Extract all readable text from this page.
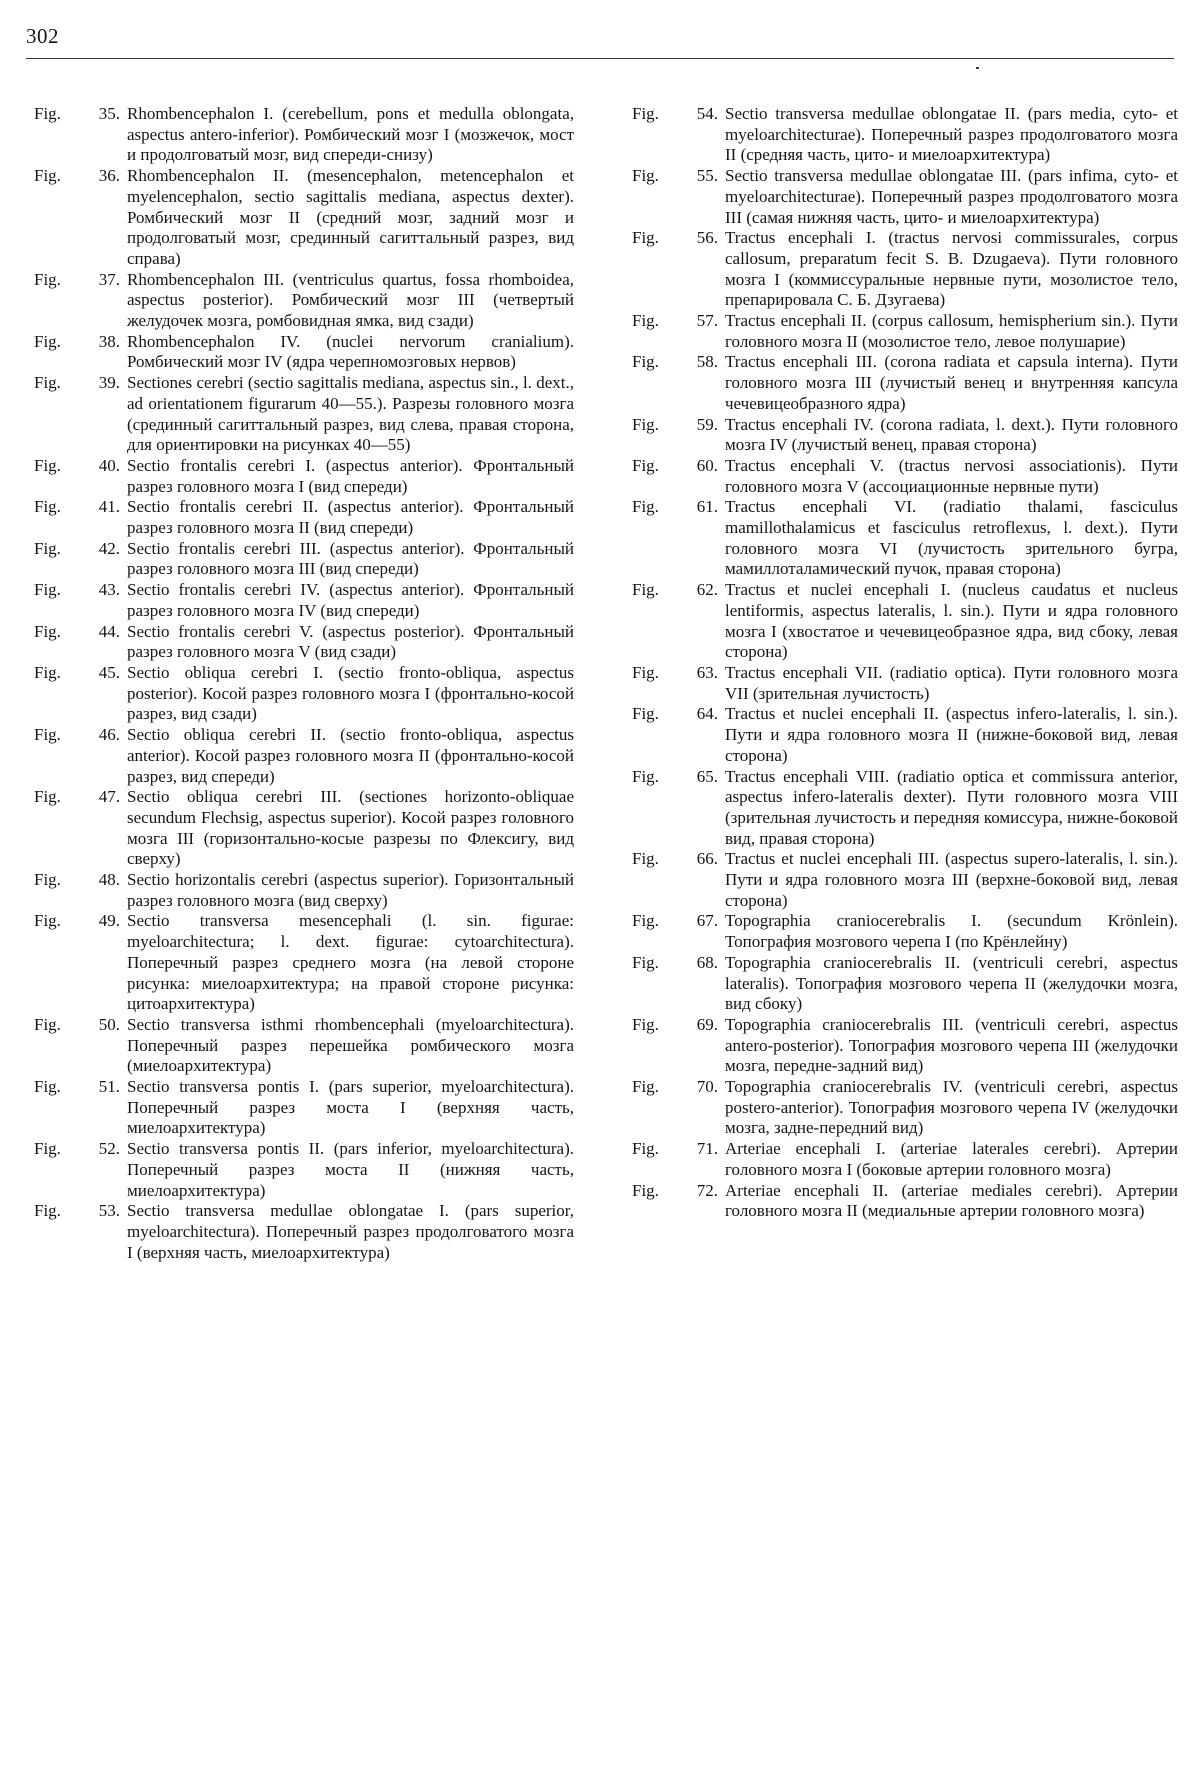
302
Fig.	35. Rhombencephalon I. (cerebellum, pons et medulla oblongata, aspectus antero-inferior). Ромбический мозг I (мозжечок, мост и продолговатый мозг, вид спереди-снизу)
Fig.	36. Rhombencephalon II. (mesencephalon, metencephalon et myelencephalon, sectio sagittalis mediana, aspectus dexter). Ромбический мозг II (средний мозг, задний мозг и продолговатый мозг, срединный сагиттальный разрез, вид справа)
Fig.	37. Rhombencephalon III. (ventriculus quartus, fossa rhomboidea, aspectus posterior). Ромбический мозг III (четвертый желудочек мозга, ромбовидная ямка, вид сзади)
Fig.	38. Rhombencephalon IV. (nuclei nervorum cranialium). Ромбический мозг IV (ядра черепномозговых нервов)
Fig.	39. Sectiones cerebri (sectio sagittalis mediana, aspectus sin., l. dext., ad orientationem figurarum 40—55.). Разрезы головного мозга (срединный сагиттальный разрез, вид слева, правая сторона, для ориентировки на рисунках 40—55)
Fig.	40. Sectio frontalis cerebri I. (aspectus anterior). Фронтальный разрез головного мозга I (вид спереди)
Fig.	41. Sectio frontalis cerebri II. (aspectus anterior). Фронтальный разрез головного мозга II (вид спереди)
Fig.	42. Sectio frontalis cerebri III. (aspectus anterior). Фронтальный разрез головного мозга III (вид спереди)
Fig.	43. Sectio frontalis cerebri IV. (aspectus anterior). Фронтальный разрез головного мозга IV (вид спереди)
Fig.	44. Sectio frontalis cerebri V. (aspectus posterior). Фронтальный разрез головного мозга V (вид сзади)
Fig.	45. Sectio obliqua cerebri I. (sectio fronto-obliqua, aspectus posterior). Косой разрез головного мозга I (фронтально-косой разрез, вид сзади)
Fig.	46. Sectio obliqua cerebri II. (sectio fronto-obliqua, aspectus anterior). Косой разрез головного мозга II (фронтально-косой разрез, вид спереди)
Fig.	47. Sectio obliqua cerebri III. (sectiones horizonto-obliquae secundum Flechsig, aspectus superior). Косой разрез головного мозга III (горизонтально-косые разрезы по Флексигу, вид сверху)
Fig.	48. Sectio horizontalis cerebri (aspectus superior). Горизонтальный разрез головного мозга (вид сверху)
Fig.	49. Sectio transversa mesencephali (l. sin. figurae: myeloarchitectura; l. dext. figurae: cytoarchitectura). Поперечный разрез среднего мозга (на левой стороне рисунка: миелоархитектура; на правой стороне рисунка: цитоархитектура)
Fig.	50. Sectio transversa isthmi rhombencephali (myeloarchitectura). Поперечный разрез перешейка ромбического мозга (миелоархитектура)
Fig.	51. Sectio transversa pontis I. (pars superior, myeloarchitectura). Поперечный разрез моста I (верхняя часть, миелоархитектура)
Fig.	52. Sectio transversa pontis II. (pars inferior, myeloarchitectura). Поперечный разрез моста II (нижняя часть, миелоархитектура)
Fig.	53. Sectio transversa medullae oblongatae I. (pars superior, myeloarchitectura). Поперечный разрез продолговатого мозга I (верхняя часть, миелоархитектура)
Fig.	54. Sectio transversa medullae oblongatae II. (pars media, cyto- et myeloarchitecturae). Поперечный разрез продолговатого мозга II (средняя часть, цито- и миелоархитектура)
Fig.	55. Sectio transversa medullae oblongatae III. (pars infima, cyto- et myeloarchitecturae). Поперечный разрез продолговатого мозга III (самая нижняя часть, цито- и миелоархитектура)
Fig.	56. Tractus encephali I. (tractus nervosi commissurales, corpus callosum, preparatum fecit S. B. Dzugaeva). Пути головного мозга I (коммиссуральные нервные пути, мозолистое тело, препарировала С. Б. Дзугаева)
Fig.	57. Tractus encephali II. (corpus callosum, hemispherium sin.). Пути головного мозга II (мозолистое тело, левое полушарие)
Fig.	58. Tractus encephali III. (corona radiata et capsula interna). Пути головного мозга III (лучистый венец и внутренняя капсула чечевицеобразного ядра)
Fig.	59. Tractus encephali IV. (corona radiata, l. dext.). Пути головного мозга IV (лучистый венец, правая сторона)
Fig.	60. Tractus encephali V. (tractus nervosi associationis). Пути головного мозга V (ассоциационные нервные пути)
Fig.	61. Tractus encephali VI. (radiatio thalami, fasciculus mamillothalamicus et fasciculus retroflexus, l. dext.). Пути головного мозга VI (лучистость зрительного бугра, мамиллоталамический пучок, правая сторона)
Fig.	62. Tractus et nuclei encephali I. (nucleus caudatus et nucleus lentiformis, aspectus lateralis, l. sin.). Пути и ядра головного мозга I (хвостатое и чечевицеобразное ядра, вид сбоку, левая сторона)
Fig.	63. Tractus encephali VII. (radiatio optica). Пути головного мозга VII (зрительная лучистость)
Fig.	64. Tractus et nuclei encephali II. (aspectus infero-lateralis, l. sin.). Пути и ядра головного мозга II (нижне-боковой вид, левая сторона)
Fig.	65. Tractus encephali VIII. (radiatio optica et commissura anterior, aspectus infero-lateralis dexter). Пути головного мозга VIII (зрительная лучистость и передняя комиссура, нижне-боковой вид, правая сторона)
Fig.	66. Tractus et nuclei encephali III. (aspectus supero-lateralis, l. sin.). Пути и ядра головного мозга III (верхне-боковой вид, левая сторона)
Fig.	67. Topographia craniocerebralis I. (secundum Krönlein). Топография мозгового черепа I (по Крёнлейну)
Fig.	68. Topographia craniocerebralis II. (ventriculi cerebri, aspectus lateralis). Топография мозгового черепа II (желудочки мозга, вид сбоку)
Fig.	69. Topographia craniocerebralis III. (ventriculi cerebri, aspectus antero-posterior). Топография мозгового черепа III (желудочки мозга, передне-задний вид)
Fig.	70. Topographia craniocerebralis IV. (ventriculi cerebri, aspectus postero-anterior). Топография мозгового черепа IV (желудочки мозга, задне-передний вид)
Fig.	71. Arteriae encephali I. (arteriae laterales cerebri). Артерии головного мозга I (боковые артерии головного мозга)
Fig.	72. Arteriae encephali II. (arteriae mediales cerebri). Артерии головного мозга II (медиальные артерии головного мозга)
